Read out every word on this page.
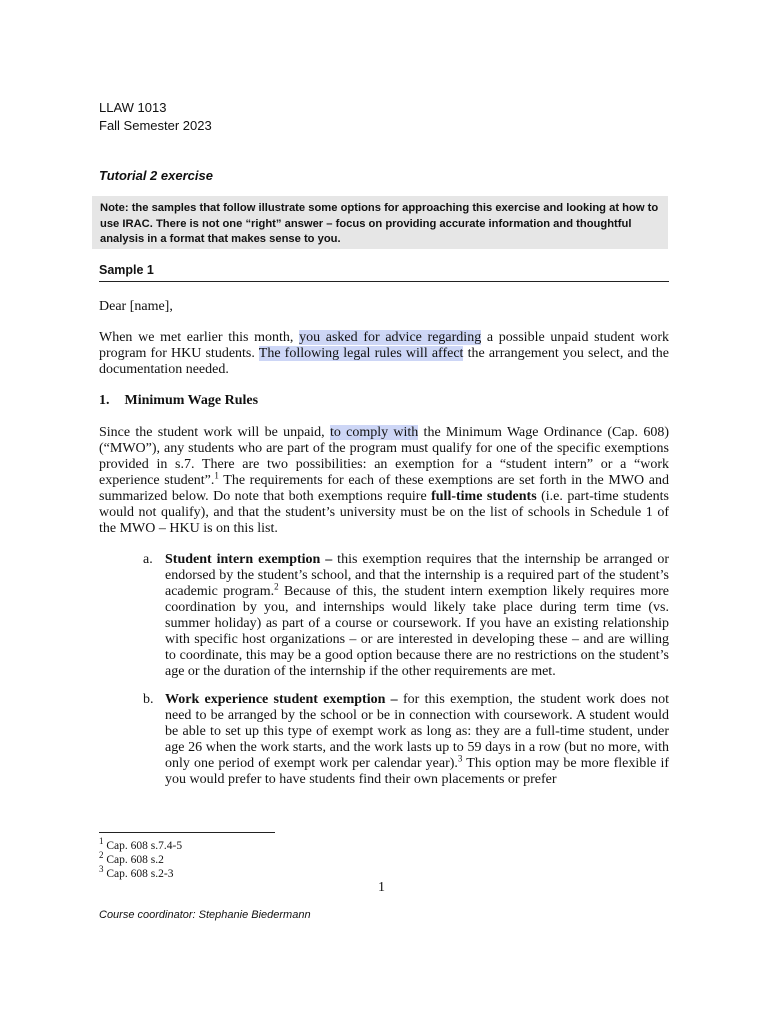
LLAW 1013
Fall Semester 2023
Tutorial 2 exercise
Note: the samples that follow illustrate some options for approaching this exercise and looking at how to use IRAC. There is not one “right” answer – focus on providing accurate information and thoughtful analysis in a format that makes sense to you.
Sample 1
Dear [name],
When we met earlier this month, you asked for advice regarding a possible unpaid student work program for HKU students. The following legal rules will affect the arrangement you select, and the documentation needed.
1. Minimum Wage Rules
Since the student work will be unpaid, to comply with the Minimum Wage Ordinance (Cap. 608) (“MWO”), any students who are part of the program must qualify for one of the specific exemptions provided in s.7. There are two possibilities: an exemption for a “student intern” or a “work experience student”.$^1$ The requirements for each of these exemptions are set forth in the MWO and summarized below. Do note that both exemptions require full-time students (i.e. part-time students would not qualify), and that the student’s university must be on the list of schools in Schedule 1 of the MWO – HKU is on this list.
a. Student intern exemption – this exemption requires that the internship be arranged or endorsed by the student’s school, and that the internship is a required part of the student’s academic program.$^2$ Because of this, the student intern exemption likely requires more coordination by you, and internships would likely take place during term time (vs. summer holiday) as part of a course or coursework. If you have an existing relationship with specific host organizations – or are interested in developing these – and are willing to coordinate, this may be a good option because there are no restrictions on the student’s age or the duration of the internship if the other requirements are met.
b. Work experience student exemption – for this exemption, the student work does not need to be arranged by the school or be in connection with coursework. A student would be able to set up this type of exempt work as long as: they are a full-time student, under age 26 when the work starts, and the work lasts up to 59 days in a row (but no more, with only one period of exempt work per calendar year).$^3$ This option may be more flexible if you would prefer to have students find their own placements or prefer
$^1$ Cap. 608 s.7.4-5
$^2$ Cap. 608 s.2
$^3$ Cap. 608 s.2-3
1
Course coordinator: Stephanie Biedermann
